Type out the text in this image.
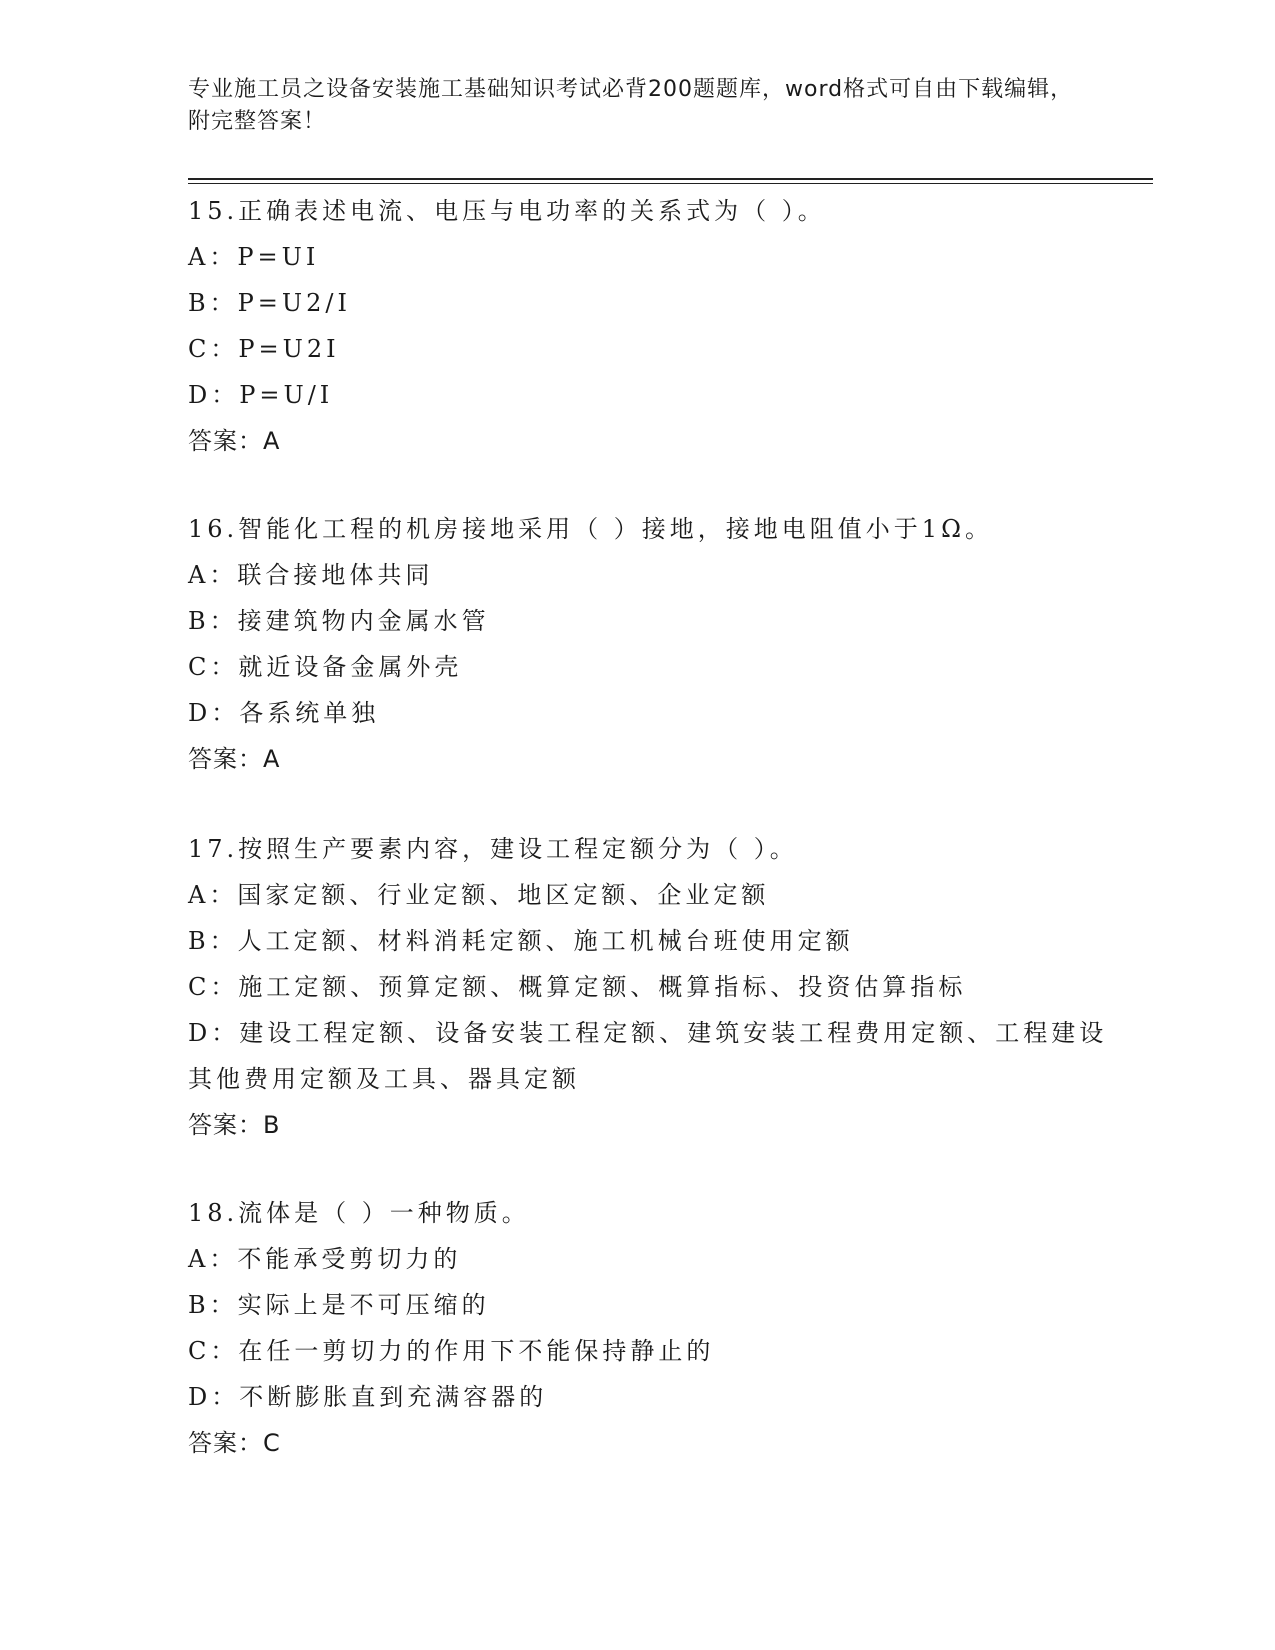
专业施工员之设备安装施工基础知识考试必背200题题库，word格式可自由下载编辑，附完整答案！
15.正确表述电流、电压与电功率的关系式为（ ）。
A：P=UI
B：P=U2/I
C：P=U2I
D：P=U/I
答案：A
16.智能化工程的机房接地采用（ ）接地，接地电阻值小于1Ω。
A：联合接地体共同
B：接建筑物内金属水管
C：就近设备金属外壳
D：各系统单独
答案：A
17.按照生产要素内容，建设工程定额分为（ ）。
A：国家定额、行业定额、地区定额、企业定额
B：人工定额、材料消耗定额、施工机械台班使用定额
C：施工定额、预算定额、概算定额、概算指标、投资估算指标
D：建设工程定额、设备安装工程定额、建筑安装工程费用定额、工程建设其他费用定额及工具、器具定额
答案：B
18.流体是（ ）一种物质。
A：不能承受剪切力的
B：实际上是不可压缩的
C：在任一剪切力的作用下不能保持静止的
D：不断膨胀直到充满容器的
答案：C
